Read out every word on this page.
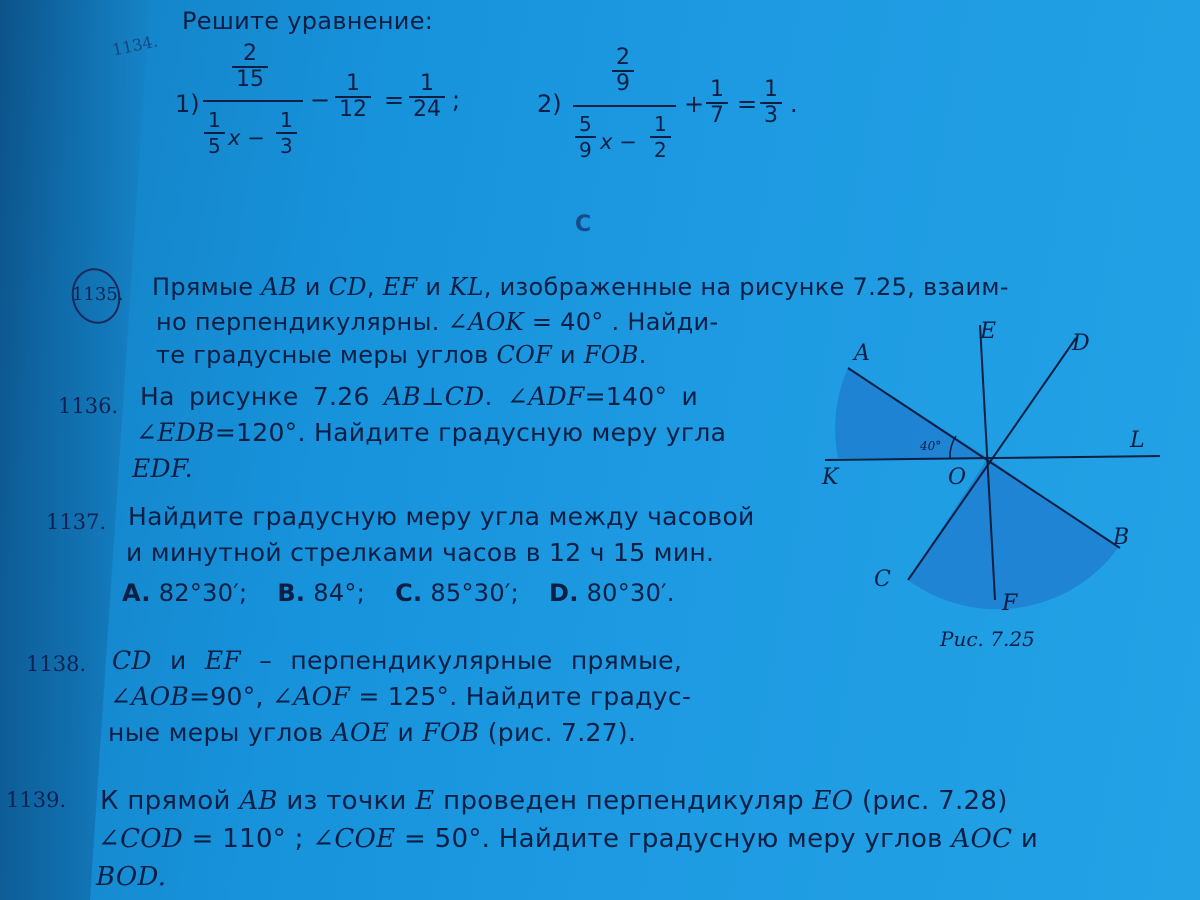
1134.
Решите уравнение:
1)
$\frac{2}{15}$
$\frac{1}{5}$ $x - \frac{1}{3}$
− $\frac{1}{12} = \frac{1}{24}$ ;	2)
$\frac{2}{9}$
$\frac{5}{9}$ $x - \frac{1}{2}$
+ $\frac{1}{7} = \frac{1}{3}$ .
C
1135. Прямые AB и CD, EF и KL, изображенные на рисунке 7.25, взаим-
но перпендикулярны. ∠AOK = 40° . Найди-
те градусные меры углов COF и FOB.
1136. На рисунке 7.26 AB⊥CD. ∠ADF=140° и
∠EDB=120°. Найдите градусную меру угла
EDF.
1137. Найдите градусную меру угла между часовой
и минутной стрелками часов в 12 ч 15 мин.
A. 82°30′; B. 84°; C. 85°30′; D. 80°30′.
1138. CD и EF – перпендикулярные прямые,
∠AOB=90°, ∠AOF = 125°. Найдите градус-
ные меры углов AOE и FOB (рис. 7.27).
1139. К прямой AB из точки E проведен перпендикуляр EO (рис. 7.28)
∠COD = 110° ; ∠COE = 50°. Найдите градусную меру углов AOC и
BOD.
A
E	D
L
K	O
C
F
B
40°
Рис. 7.25
